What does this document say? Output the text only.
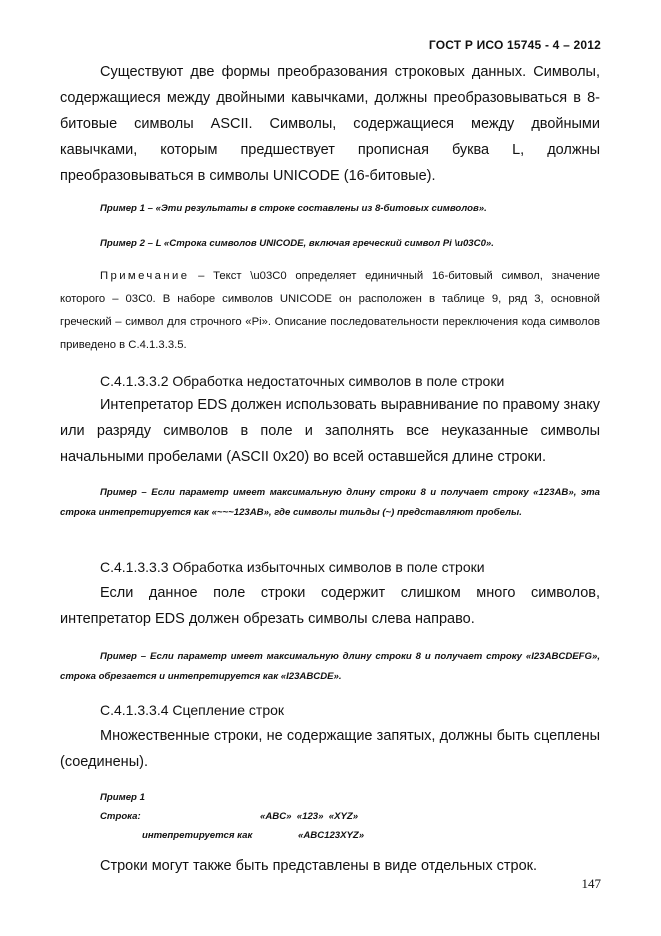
ГОСТ Р ИСО 15745 - 4 – 2012

Существуют две формы преобразования строковых данных. Символы, содержащиеся между двойными кавычками, должны преобразовываться в 8-битовые символы ASCII. Символы, содержащиеся между двойными кавычками, которым предшествует прописная буква L, должны преобразовываться в символы UNICODE (16-битовые).

Пример 1 – «Эти результаты в строке составлены из 8-битовых символов».

Пример 2 – L «Строка символов UNICODE, включая греческий символ Pi \u03C0».

Примечание – Текст \u03C0 определяет единичный 16-битовый символ, значение которого – 03C0. В наборе символов UNICODE он расположен в таблице 9, ряд 3, основной греческий – символ для строчного «Pi». Описание последовательности переключения кода символов приведено в С.4.1.3.3.5.

С.4.1.3.3.2 Обработка недостаточных символов в поле строки

Интепретатор EDS должен использовать выравнивание по правому знаку или разряду символов в поле и заполнять все неуказанные символы начальными пробелами (ASCII 0x20) во всей оставшейся длине строки.

Пример – Если параметр имеет максимальную длину строки 8 и получает строку «123AB», эта строка интепретируется как «~~~123AB», где символы тильды (~) представляют пробелы.

С.4.1.3.3.3 Обработка избыточных символов в поле строки

Если данное поле строки содержит слишком много символов, интепретатор EDS должен обрезать символы слева направо.

Пример – Если параметр имеет максимальную длину строки 8 и получает строку «I23ABCDEFG», строка обрезается и интепретируется как «I23ABCDE».

С.4.1.3.3.4 Сцепление строк

Множественные строки, не содержащие запятых, должны быть сцеплены (соединены).

Пример 1
Строка:	«ABC»  «123»  «XYZ»
интепретируется как	«ABC123XYZ»

Строки могут также быть представлены в виде отдельных строк.

147
